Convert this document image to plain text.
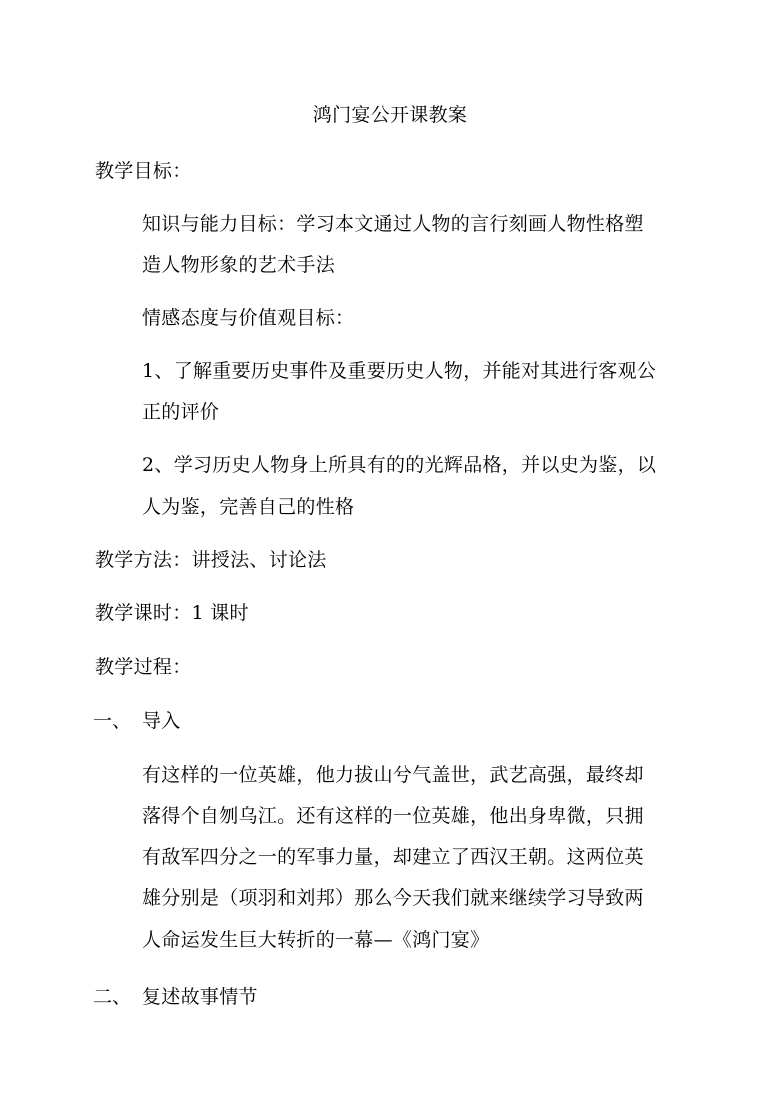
鸿门宴公开课教案
教学目标：
知识与能力目标：学习本文通过人物的言行刻画人物性格塑
造人物形象的艺术手法
情感态度与价值观目标：
1、了解重要历史事件及重要历史人物，并能对其进行客观公
正的评价
2、学习历史人物身上所具有的的光辉品格，并以史为鉴，以
人为鉴，完善自己的性格
教学方法：讲授法、讨论法
教学课时：1 课时
教学过程：
一、 导入
有这样的一位英雄，他力拔山兮气盖世，武艺高强，最终却
落得个自刎乌江。还有这样的一位英雄，他出身卑微，只拥
有敌军四分之一的军事力量，却建立了西汉王朝。这两位英
雄分别是（项羽和刘邦）那么今天我们就来继续学习导致两
人命运发生巨大转折的一幕—《鸿门宴》
二、 复述故事情节
